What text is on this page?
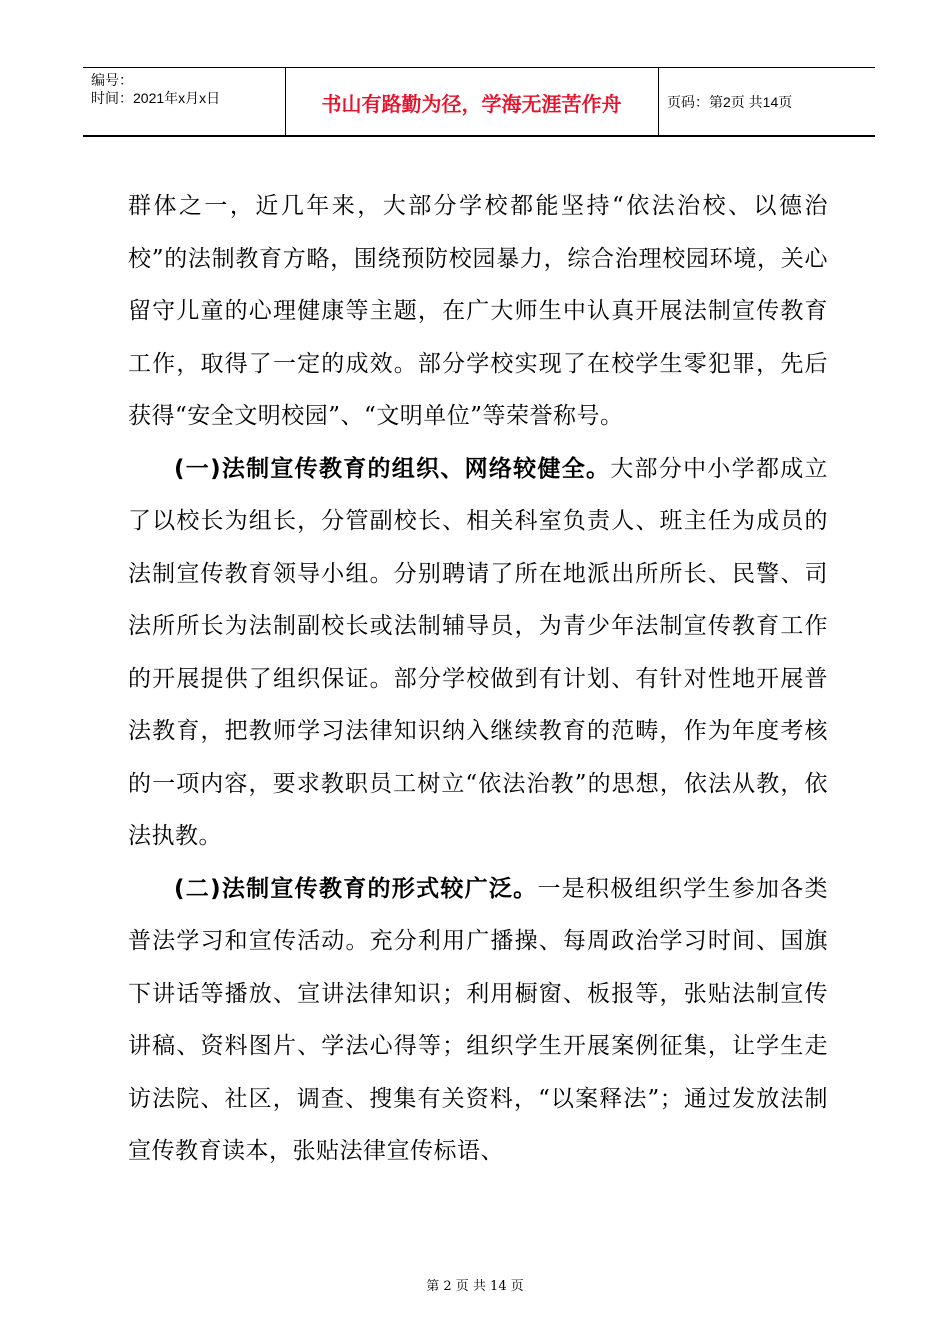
编号：
时间：2021年x月x日	书山有路勤为径，学海无涯苦作舟	页码：第2页 共14页

群体之一，近几年来，大部分学校都能坚持“依法治校、以德治校”的法制教育方略，围绕预防校园暴力，综合治理校园环境，关心留守儿童的心理健康等主题，在广大师生中认真开展法制宣传教育工作，取得了一定的成效。部分学校实现了在校学生零犯罪，先后获得“安全文明校园”、“文明单位”等荣誉称号。

(一)法制宣传教育的组织、网络较健全。大部分中小学都成立了以校长为组长，分管副校长、相关科室负责人、班主任为成员的法制宣传教育领导小组。分别聘请了所在地派出所所长、民警、司法所所长为法制副校长或法制辅导员，为青少年法制宣传教育工作的开展提供了组织保证。部分学校做到有计划、有针对性地开展普法教育，把教师学习法律知识纳入继续教育的范畴，作为年度考核的一项内容，要求教职员工树立“依法治教”的思想，依法从教，依法执教。

(二)法制宣传教育的形式较广泛。一是积极组织学生参加各类普法学习和宣传活动。充分利用广播操、每周政治学习时间、国旗下讲话等播放、宣讲法律知识；利用橱窗、板报等，张贴法制宣传讲稿、资料图片、学法心得等；组织学生开展案例征集，让学生走访法院、社区，调查、搜集有关资料，“以案释法”；通过发放法制宣传教育读本，张贴法律宣传标语、

第 2 页 共 14 页
